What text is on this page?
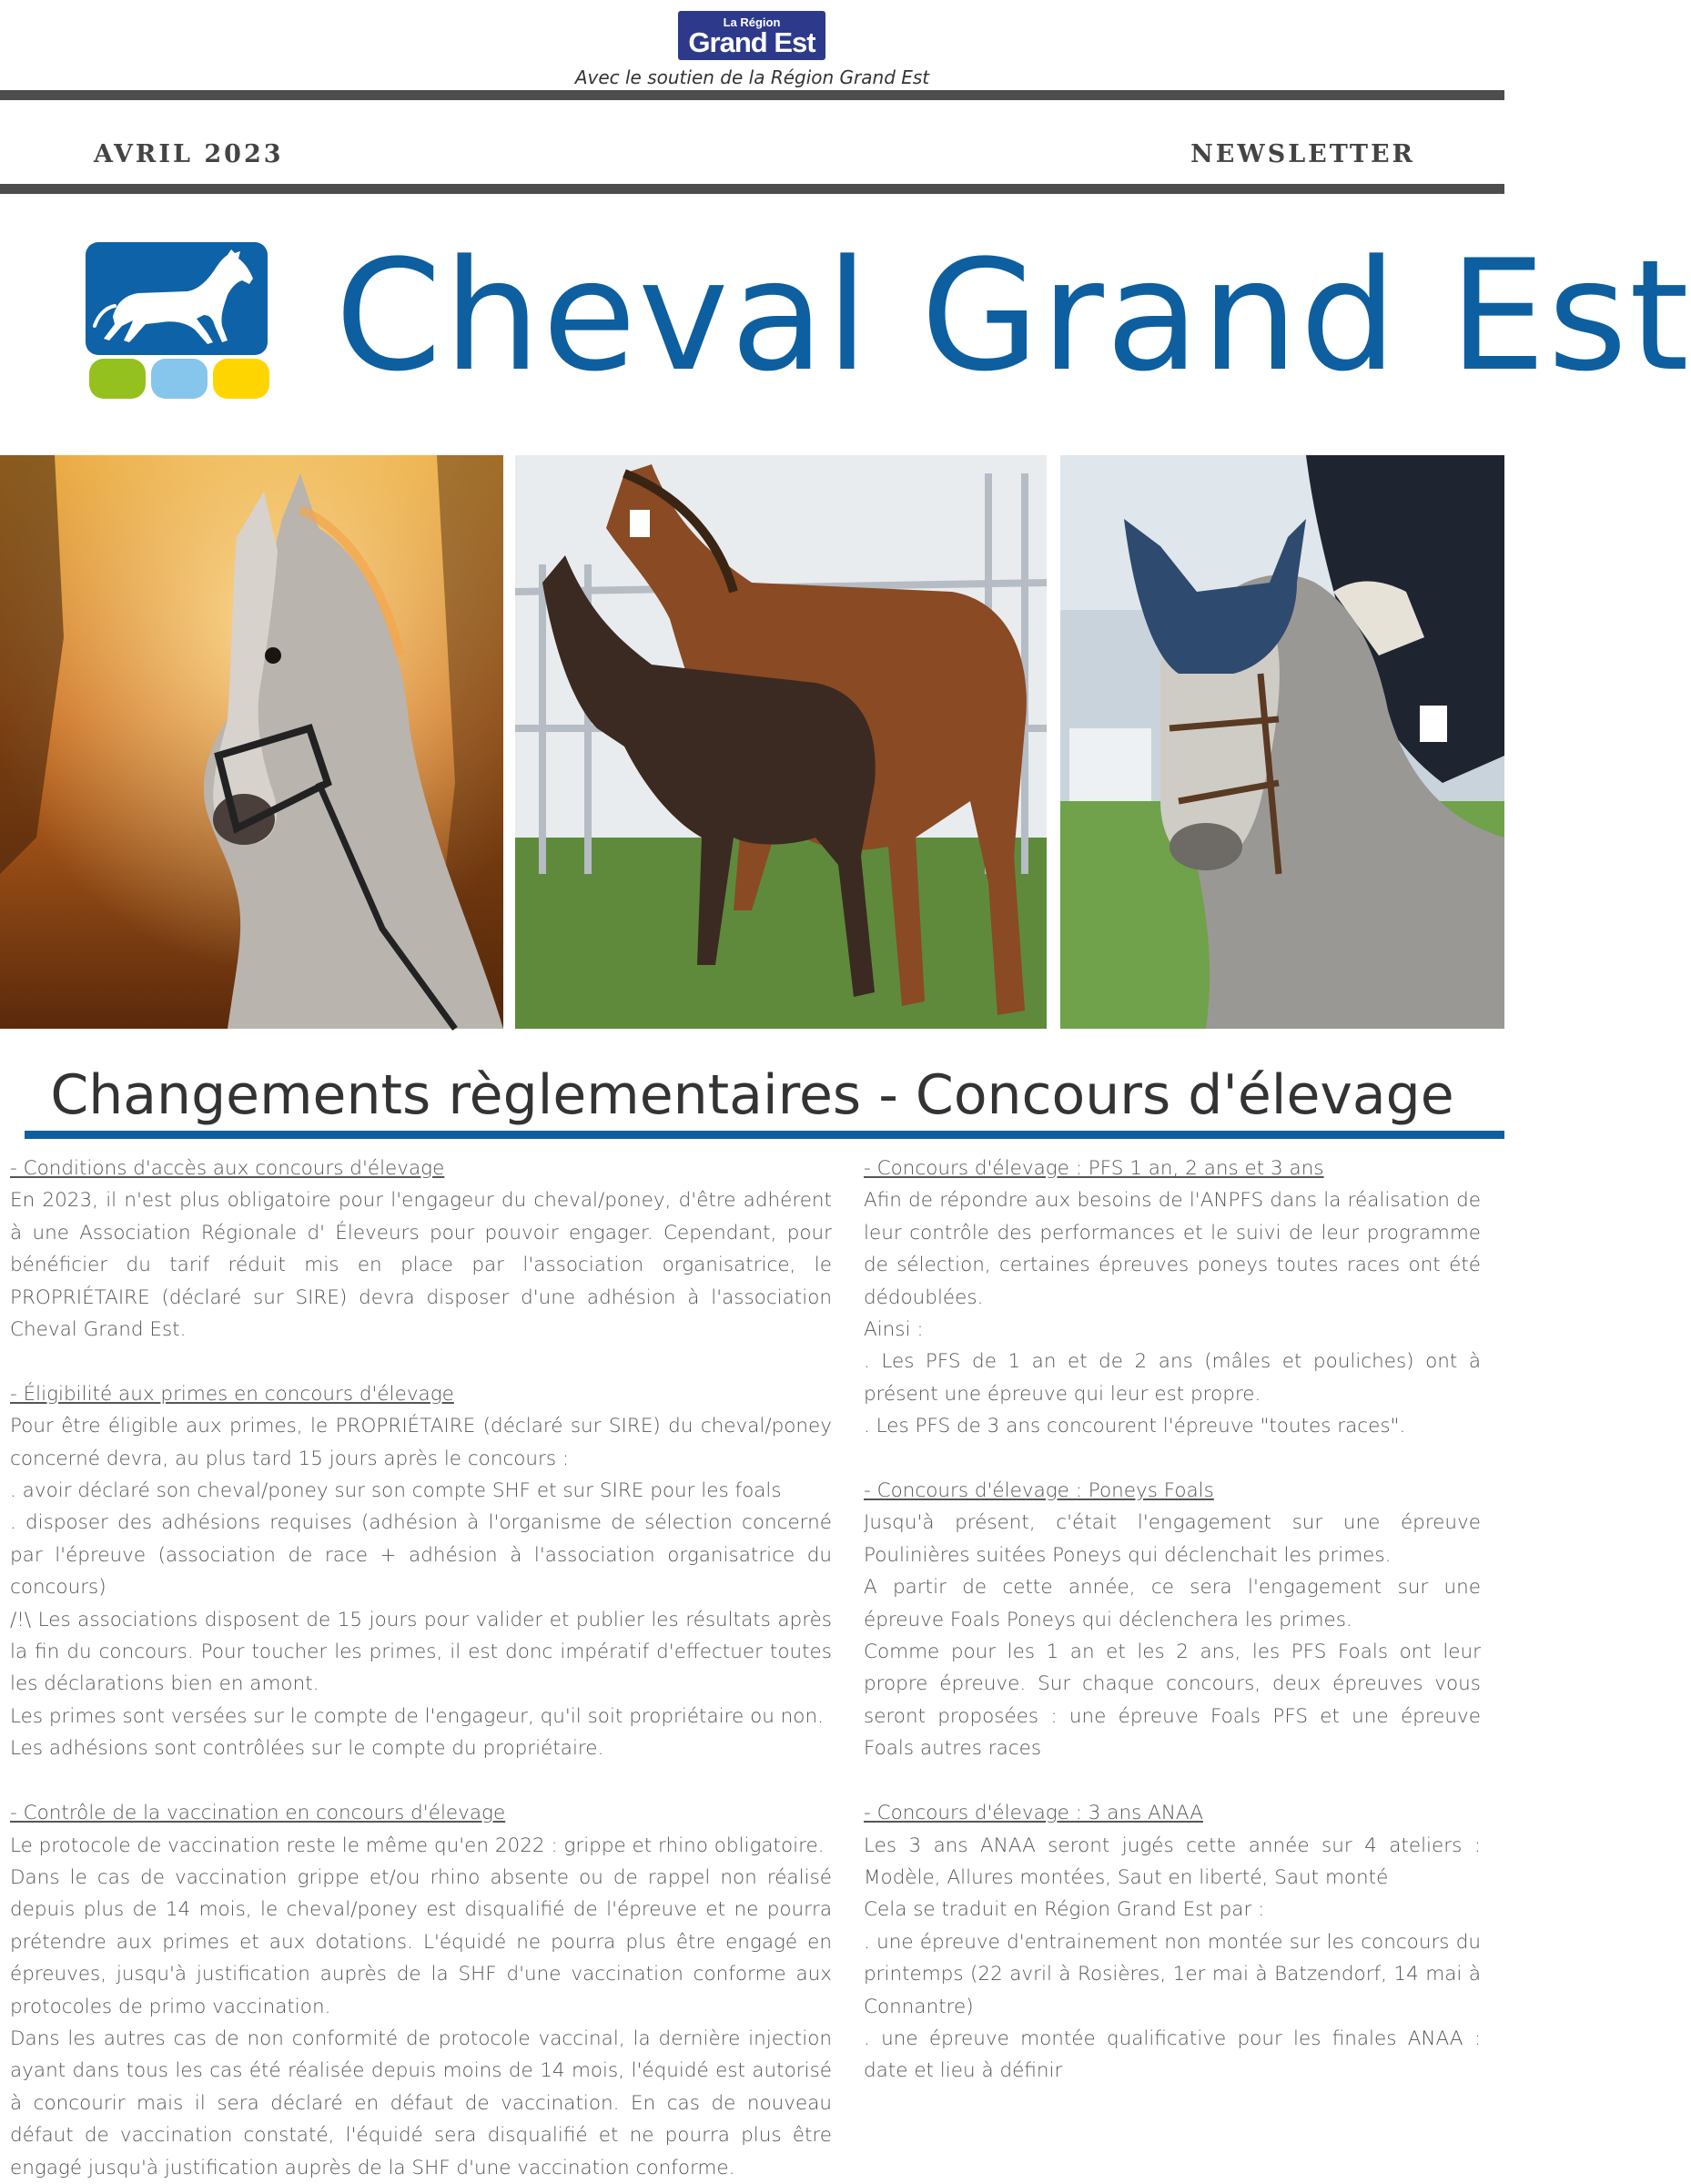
La Région
Grand Est
Avec le soutien de la Région Grand Est
AVRIL 2023	NEWSLETTER
Cheval Grand Est
Changements règlementaires - Concours d'élevage

- Conditions d'accès aux concours d'élevage

En 2023, il n'est plus obligatoire pour l'engageur du cheval/poney, d'être adhérent à une Association Régionale d' Éleveurs pour pouvoir engager. Cependant, pour bénéficier du tarif réduit mis en place par l'association organisatrice, le PROPRIÉTAIRE (déclaré sur SIRE) devra disposer d'une adhésion à l'association Cheval Grand Est.

- Éligibilité aux primes en concours d'élevage

Pour être éligible aux primes, le PROPRIÉTAIRE (déclaré sur SIRE) du cheval/poney concerné devra, au plus tard 15 jours après le concours :

. avoir déclaré son cheval/poney sur son compte SHF et sur SIRE pour les foals

. disposer des adhésions requises (adhésion à l'organisme de sélection concerné par l'épreuve (association de race + adhésion à l'association organisatrice du concours)

/!\ Les associations disposent de 15 jours pour valider et publier les résultats après la fin du concours. Pour toucher les primes, il est donc impératif d'effectuer toutes les déclarations bien en amont.

Les primes sont versées sur le compte de l'engageur, qu'il soit propriétaire ou non.

Les adhésions sont contrôlées sur le compte du propriétaire.

- Contrôle de la vaccination en concours d'élevage

Le protocole de vaccination reste le même qu'en 2022 : grippe et rhino obligatoire.

Dans le cas de vaccination grippe et/ou rhino absente ou de rappel non réalisé depuis plus de 14 mois, le cheval/poney est disqualifié de l'épreuve et ne pourra prétendre aux primes et aux dotations. L'équidé ne pourra plus être engagé en épreuves, jusqu'à justification auprès de la SHF d'une vaccination conforme aux protocoles de primo vaccination.

Dans les autres cas de non conformité de protocole vaccinal, la dernière injection ayant dans tous les cas été réalisée depuis moins de 14 mois, l'équidé est autorisé à concourir mais il sera déclaré en défaut de vaccination. En cas de nouveau défaut de vaccination constaté, l'équidé sera disqualifié et ne pourra plus être engagé jusqu'à justification auprès de la SHF d'une vaccination conforme.

- Concours d'élevage : PFS 1 an, 2 ans et 3 ans

Afin de répondre aux besoins de l'ANPFS dans la réalisation de leur contrôle des performances et le suivi de leur programme de sélection, certaines épreuves poneys toutes races ont été dédoublées.

Ainsi :

. Les PFS de 1 an et de 2 ans (mâles et pouliches) ont à présent une épreuve qui leur est propre.

. Les PFS de 3 ans concourent l'épreuve "toutes races".

- Concours d'élevage : Poneys Foals

Jusqu'à présent, c'était l'engagement sur une épreuve Poulinières suitées Poneys qui déclenchait les primes.

A partir de cette année, ce sera l'engagement sur une épreuve Foals Poneys qui déclenchera les primes.

Comme pour les 1 an et les 2 ans, les PFS Foals ont leur propre épreuve. Sur chaque concours, deux épreuves vous seront proposées : une épreuve Foals PFS et une épreuve Foals autres races

- Concours d'élevage : 3 ans ANAA

Les 3 ans ANAA seront jugés cette année sur 4 ateliers : Modèle, Allures montées, Saut en liberté, Saut monté

Cela se traduit en Région Grand Est par :

. une épreuve d'entrainement non montée sur les concours du printemps (22 avril à Rosières, 1er mai à Batzendorf, 14 mai à Connantre)

. une épreuve montée qualificative pour les finales ANAA : date et lieu à définir
